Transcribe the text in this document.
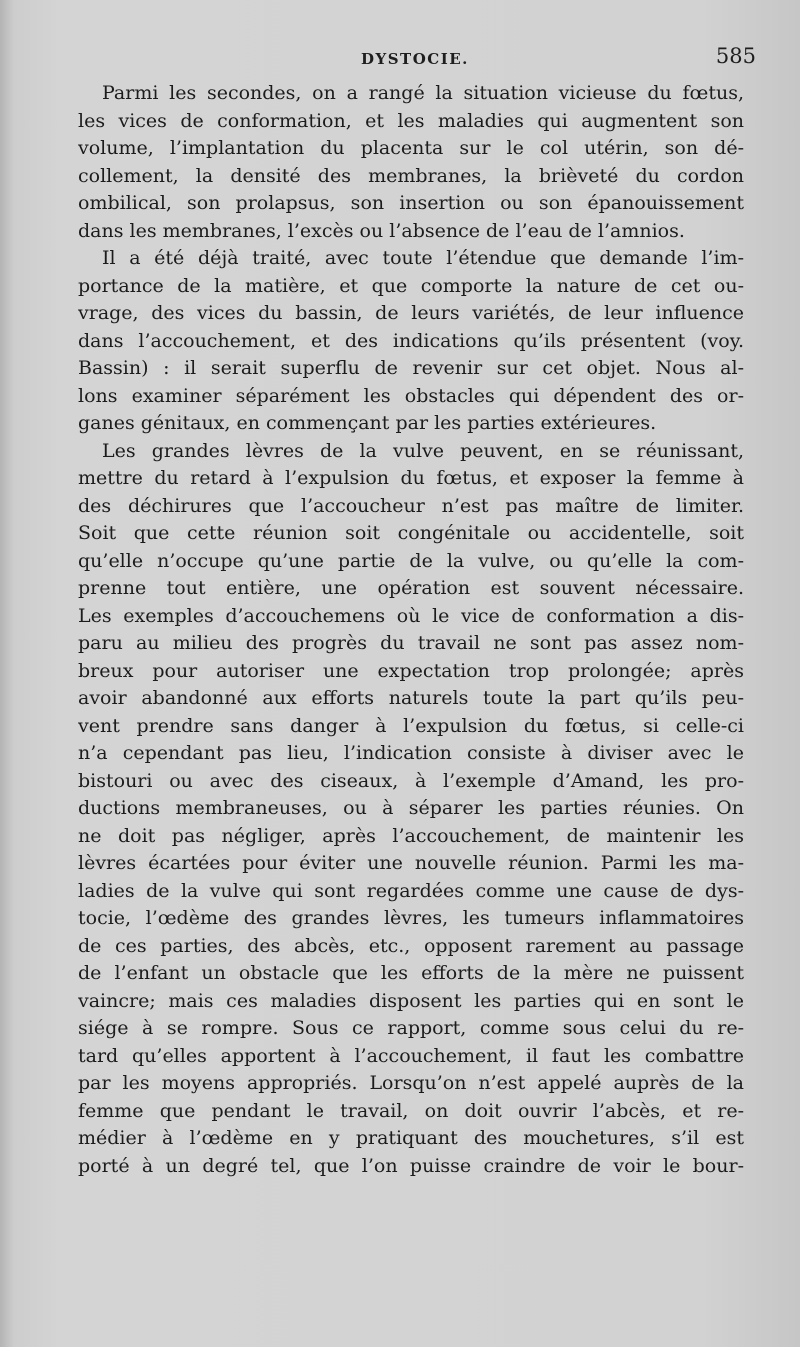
DYSTOCIE.	585
Parmi les secondes, on a rangé la situation vicieuse du fœtus,
les vices de conformation, et les maladies qui augmentent son
volume, l’implantation du placenta sur le col utérin, son dé-
collement, la densité des membranes, la brièveté du cordon
ombilical, son prolapsus, son insertion ou son épanouissement
dans les membranes, l’excès ou l’absence de l’eau de l’amnios.
Il a été déjà traité, avec toute l’étendue que demande l’im-
portance de la matière, et que comporte la nature de cet ou-
vrage, des vices du bassin, de leurs variétés, de leur influence
dans l’accouchement, et des indications qu’ils présentent (voy.
Bassin) : il serait superflu de revenir sur cet objet. Nous al-
lons examiner séparément les obstacles qui dépendent des or-
ganes génitaux, en commençant par les parties extérieures.
Les grandes lèvres de la vulve peuvent, en se réunissant,
mettre du retard à l’expulsion du fœtus, et exposer la femme à
des déchirures que l’accoucheur n’est pas maître de limiter.
Soit que cette réunion soit congénitale ou accidentelle, soit
qu’elle n’occupe qu’une partie de la vulve, ou qu’elle la com-
prenne tout entière, une opération est souvent nécessaire.
Les exemples d’accouchemens où le vice de conformation a dis-
paru au milieu des progrès du travail ne sont pas assez nom-
breux pour autoriser une expectation trop prolongée; après
avoir abandonné aux efforts naturels toute la part qu’ils peu-
vent prendre sans danger à l’expulsion du fœtus, si celle-ci
n’a cependant pas lieu, l’indication consiste à diviser avec le
bistouri ou avec des ciseaux, à l’exemple d’Amand, les pro-
ductions membraneuses, ou à séparer les parties réunies. On
ne doit pas négliger, après l’accouchement, de maintenir les
lèvres écartées pour éviter une nouvelle réunion. Parmi les ma-
ladies de la vulve qui sont regardées comme une cause de dys-
tocie, l’œdème des grandes lèvres, les tumeurs inflammatoires
de ces parties, des abcès, etc., opposent rarement au passage
de l’enfant un obstacle que les efforts de la mère ne puissent
vaincre; mais ces maladies disposent les parties qui en sont le
siége à se rompre. Sous ce rapport, comme sous celui du re-
tard qu’elles apportent à l’accouchement, il faut les combattre
par les moyens appropriés. Lorsqu’on n’est appelé auprès de la
femme que pendant le travail, on doit ouvrir l’abcès, et re-
médier à l’œdème en y pratiquant des mouchetures, s’il est
porté à un degré tel, que l’on puisse craindre de voir le bour-
